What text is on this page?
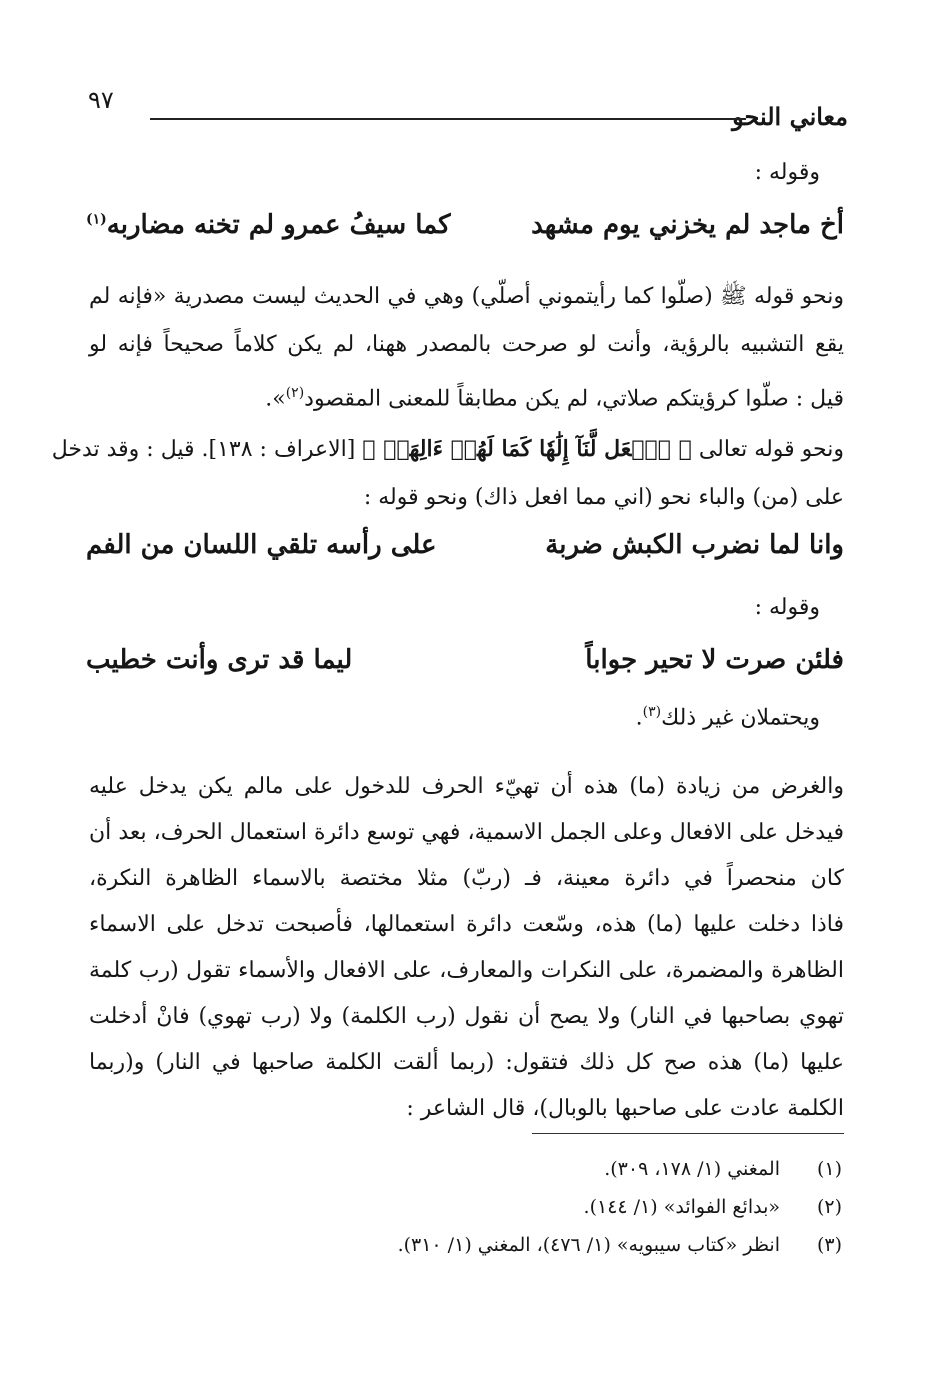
معاني النحو
٩٧
وقوله :
أخ ماجد لم يخزني يوم مشهد
كما سيفُ عمرو لم تخنه مضاربه$^{(١)}$

ونحو قوله ﷺ (صلّوا كما رأيتموني أصلّي) وهي في الحديث ليست مصدرية «فإنه لم
يقع التشبيه بالرؤية، وأنت لو صرحت بالمصدر ههنا، لم يكن كلاماً صحيحاً فإنه لو
قيل : صلّوا كرؤيتكم صلاتي، لم يكن مطابقاً للمعنى المقصود$^{(٢)}$».

ونحو قوله تعالى ﴿ ٱجۡعَل لَّنَآ إِلَٰهٗا كَمَا لَهُمۡ ءَالِهَةٞ ﴾ [الاعراف : ١٣٨]. قيل : وقد تدخل
على (من) والباء نحو (اني مما افعل ذاك) ونحو قوله :

وانا لما نضرب الكبش ضربة
على رأسه تلقي اللسان من الفم
وقوله :
فلئن صرت لا تحير جواباً
ليما قد ترى وأنت خطيب
ويحتملان غير ذلك$^{(٣)}$.

والغرض من زيادة (ما) هذه أن تهيّء الحرف للدخول على مالم يكن يدخل عليه
فيدخل على الافعال وعلى الجمل الاسمية، فهي توسع دائرة استعمال الحرف، بعد أن
كان منحصراً في دائرة معينة، فـ (ربّ) مثلا مختصة بالاسماء الظاهرة النكرة،
فاذا دخلت عليها (ما) هذه، وسّعت دائرة استعمالها، فأصبحت تدخل على الاسماء
الظاهرة والمضمرة، على النكرات والمعارف، على الافعال والأسماء تقول (رب كلمة
تهوي بصاحبها في النار) ولا يصح أن نقول (رب الكلمة) ولا (رب تهوي) فانْ أدخلت
عليها (ما) هذه صح كل ذلك فتقول: (ربما ألقت الكلمة صاحبها في النار) و(ربما
الكلمة عادت على صاحبها بالوبال)، قال الشاعر :

(١)المغني (١/ ١٧٨، ٣٠٩).
(٢)«بدائع الفوائد» (١/ ١٤٤).
(٣)انظر «كتاب سيبويه» (١/ ٤٧٦)، المغني (١/ ٣١٠).
